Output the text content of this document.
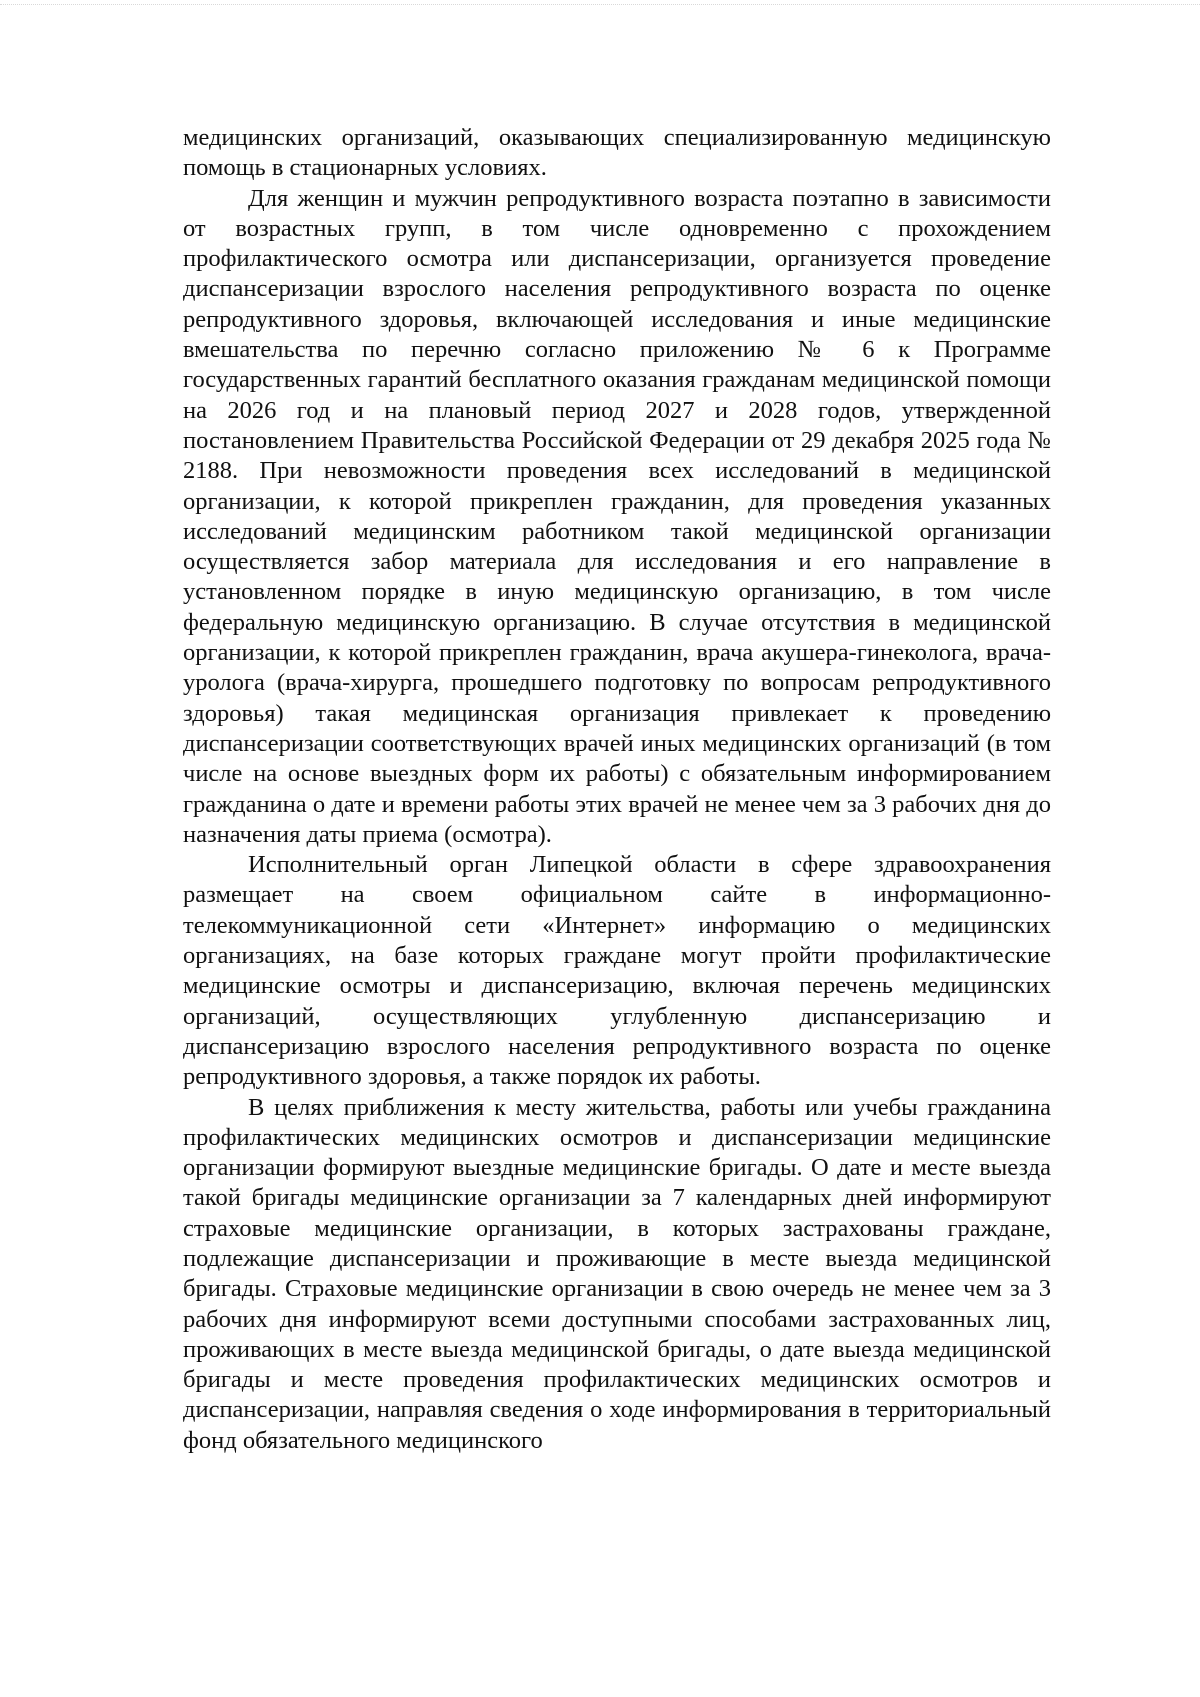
медицинских организаций, оказывающих специализированную медицинскую помощь в стационарных условиях.

Для женщин и мужчин репродуктивного возраста поэтапно в зависимости от возрастных групп, в том числе одновременно с прохождением профилактического осмотра или диспансеризации, организуется проведение диспансеризации взрослого населения репродуктивного возраста по оценке репродуктивного здоровья, включающей исследования и иные медицинские вмешательства по перечню согласно приложению № 6 к Программе государственных гарантий бесплатного оказания гражданам медицинской помощи на 2026 год и на плановый период 2027 и 2028 годов, утвержденной постановлением Правительства Российской Федерации от 29 декабря 2025 года № 2188. При невозможности проведения всех исследований в медицинской организации, к которой прикреплен гражданин, для проведения указанных исследований медицинским работником такой медицинской организации осуществляется забор материала для исследования и его направление в установленном порядке в иную медицинскую организацию, в том числе федеральную медицинскую организацию. В случае отсутствия в медицинской организации, к которой прикреплен гражданин, врача акушера-гинеколога, врача-уролога (врача-хирурга, прошедшего подготовку по вопросам репродуктивного здоровья) такая медицинская организация привлекает к проведению диспансеризации соответствующих врачей иных медицинских организаций (в том числе на основе выездных форм их работы) с обязательным информированием гражданина о дате и времени работы этих врачей не менее чем за 3 рабочих дня до назначения даты приема (осмотра).

Исполнительный орган Липецкой области в сфере здравоохранения размещает на своем официальном сайте в информационно-телекоммуникационной сети «Интернет» информацию о медицинских организациях, на базе которых граждане могут пройти профилактические медицинские осмотры и диспансеризацию, включая перечень медицинских организаций, осуществляющих углубленную диспансеризацию и диспансеризацию взрослого населения репродуктивного возраста по оценке репродуктивного здоровья, а также порядок их работы.

В целях приближения к месту жительства, работы или учебы гражданина профилактических медицинских осмотров и диспансеризации медицинские организации формируют выездные медицинские бригады. О дате и месте выезда такой бригады медицинские организации за 7 календарных дней информируют страховые медицинские организации, в которых застрахованы граждане, подлежащие диспансеризации и проживающие в месте выезда медицинской бригады. Страховые медицинские организации в свою очередь не менее чем за 3 рабочих дня информируют всеми доступными способами застрахованных лиц, проживающих в месте выезда медицинской бригады, о дате выезда медицинской бригады и месте проведения профилактических медицинских осмотров и диспансеризации, направляя сведения о ходе информирования в территориальный фонд обязательного медицинского
